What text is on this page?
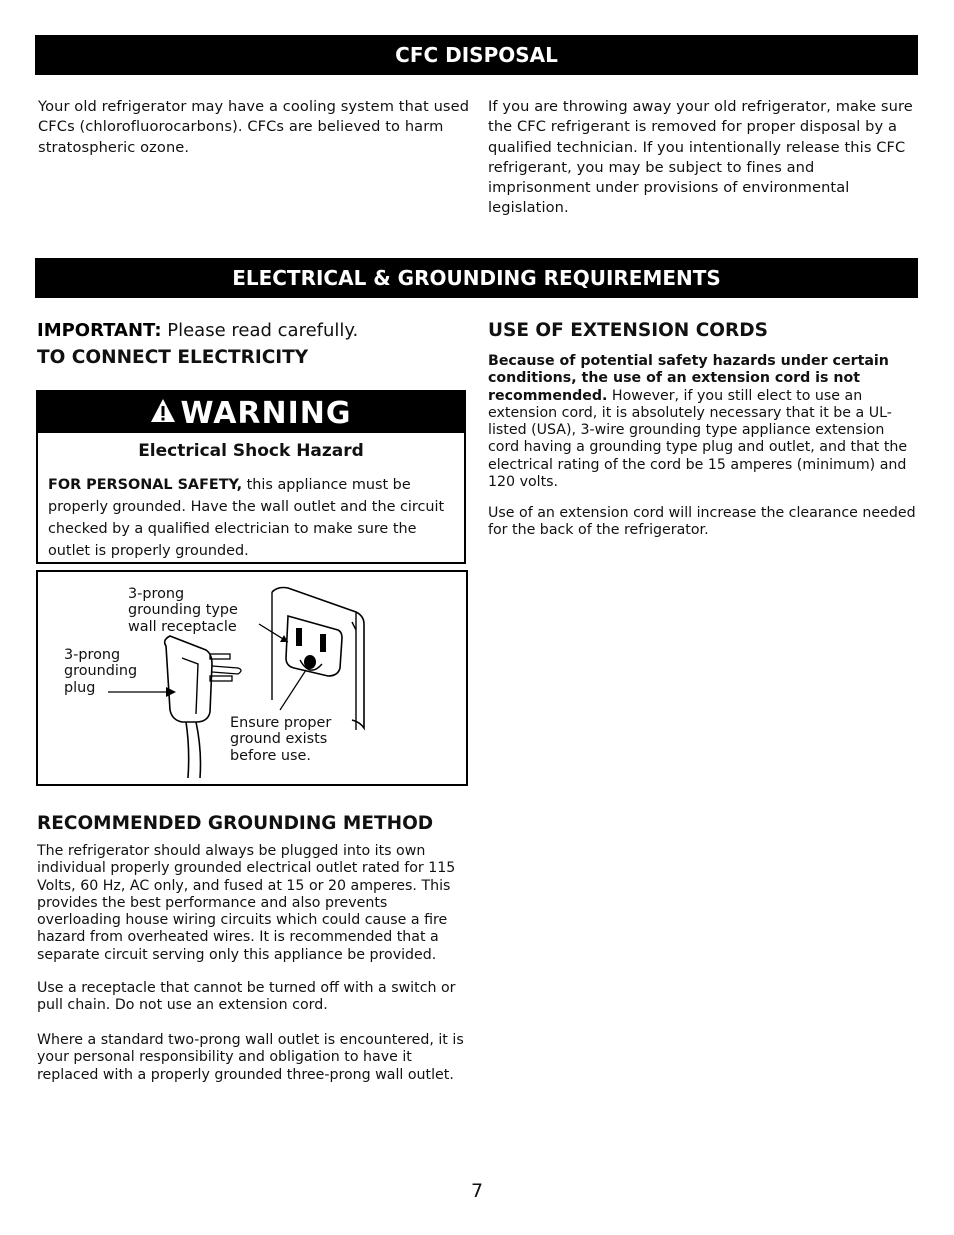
CFC DISPOSAL
Your old refrigerator may have a cooling system that used CFCs (chlorofluorocarbons). CFCs are believed to harm stratospheric ozone.
If you are throwing away your old refrigerator, make sure the CFC refrigerant is removed for proper disposal by a qualified technician. If you intentionally release this CFC refrigerant, you may be subject to fines and imprisonment under provisions of environmental legislation.
ELECTRICAL & GROUNDING REQUIREMENTS
IMPORTANT: Please read carefully.
TO CONNECT ELECTRICITY
WARNING
Electrical Shock Hazard
FOR PERSONAL SAFETY, this appliance must be properly grounded. Have the wall outlet and the circuit checked by a qualified electrician to make sure the outlet is properly grounded.
3-prong
grounding type
wall receptacle
3-prong
grounding
plug
Ensure proper
ground exists
before use.
USE OF EXTENSION CORDS
Because of potential safety hazards under certain conditions, the use of an extension cord is not recommended. However, if you still elect to use an extension cord, it is absolutely necessary that it be a UL-listed (USA), 3-wire grounding type appliance extension cord having a grounding type plug and outlet, and that the electrical rating of the cord be 15 amperes (minimum) and 120 volts.
Use of an extension cord will increase the clearance needed for the back of the refrigerator.
RECOMMENDED GROUNDING METHOD
The refrigerator should always be plugged into its own individual properly grounded electrical outlet rated for 115 Volts, 60 Hz, AC only, and fused at 15 or 20 amperes. This provides the best performance and also prevents overloading house wiring circuits which could cause a fire hazard from overheated wires. It is recommended that a separate circuit serving only this appliance be provided.
Use a receptacle that cannot be turned off with a switch or pull chain. Do not use an extension cord.
Where a standard two-prong wall outlet is encountered, it is your personal responsibility and obligation to have it replaced with a properly grounded three-prong wall outlet.
7
